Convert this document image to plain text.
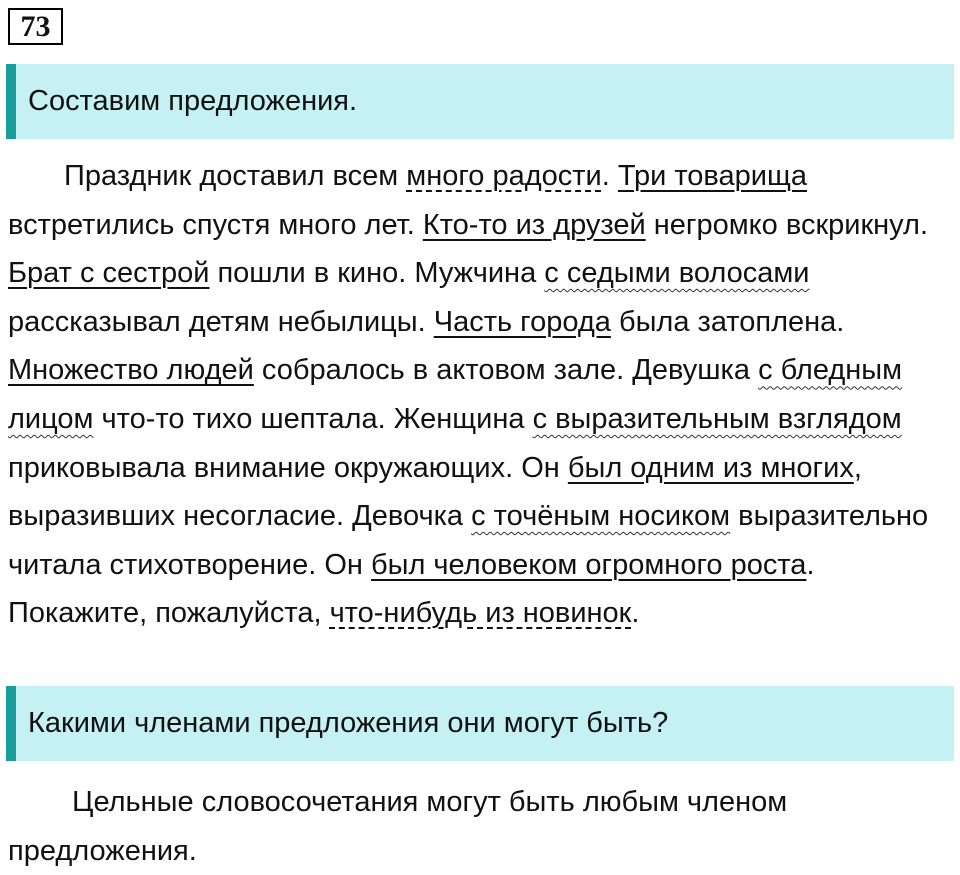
73
Составим предложения.

Праздник доставил всем много радости. Три товарища встретились спустя много лет. Кто-то из друзей негромко вскрикнул. Брат с сестрой пошли в кино. Мужчина с седыми волосами рассказывал детям небылицы. Часть города была затоплена. Множество людей собралось в актовом зале. Девушка с бледным лицом что-то тихо шептала. Женщина с выразительным взглядом приковывала внимание окружающих. Он был одним из многих, выразивших несогласие. Девочка с точёным носиком выразительно читала стихотворение. Он был человеком огромного роста. Покажите, пожалуйста, что-нибудь из новинок.

Какими членами предложения они могут быть?

Цельные словосочетания могут быть любым членом предложения.
